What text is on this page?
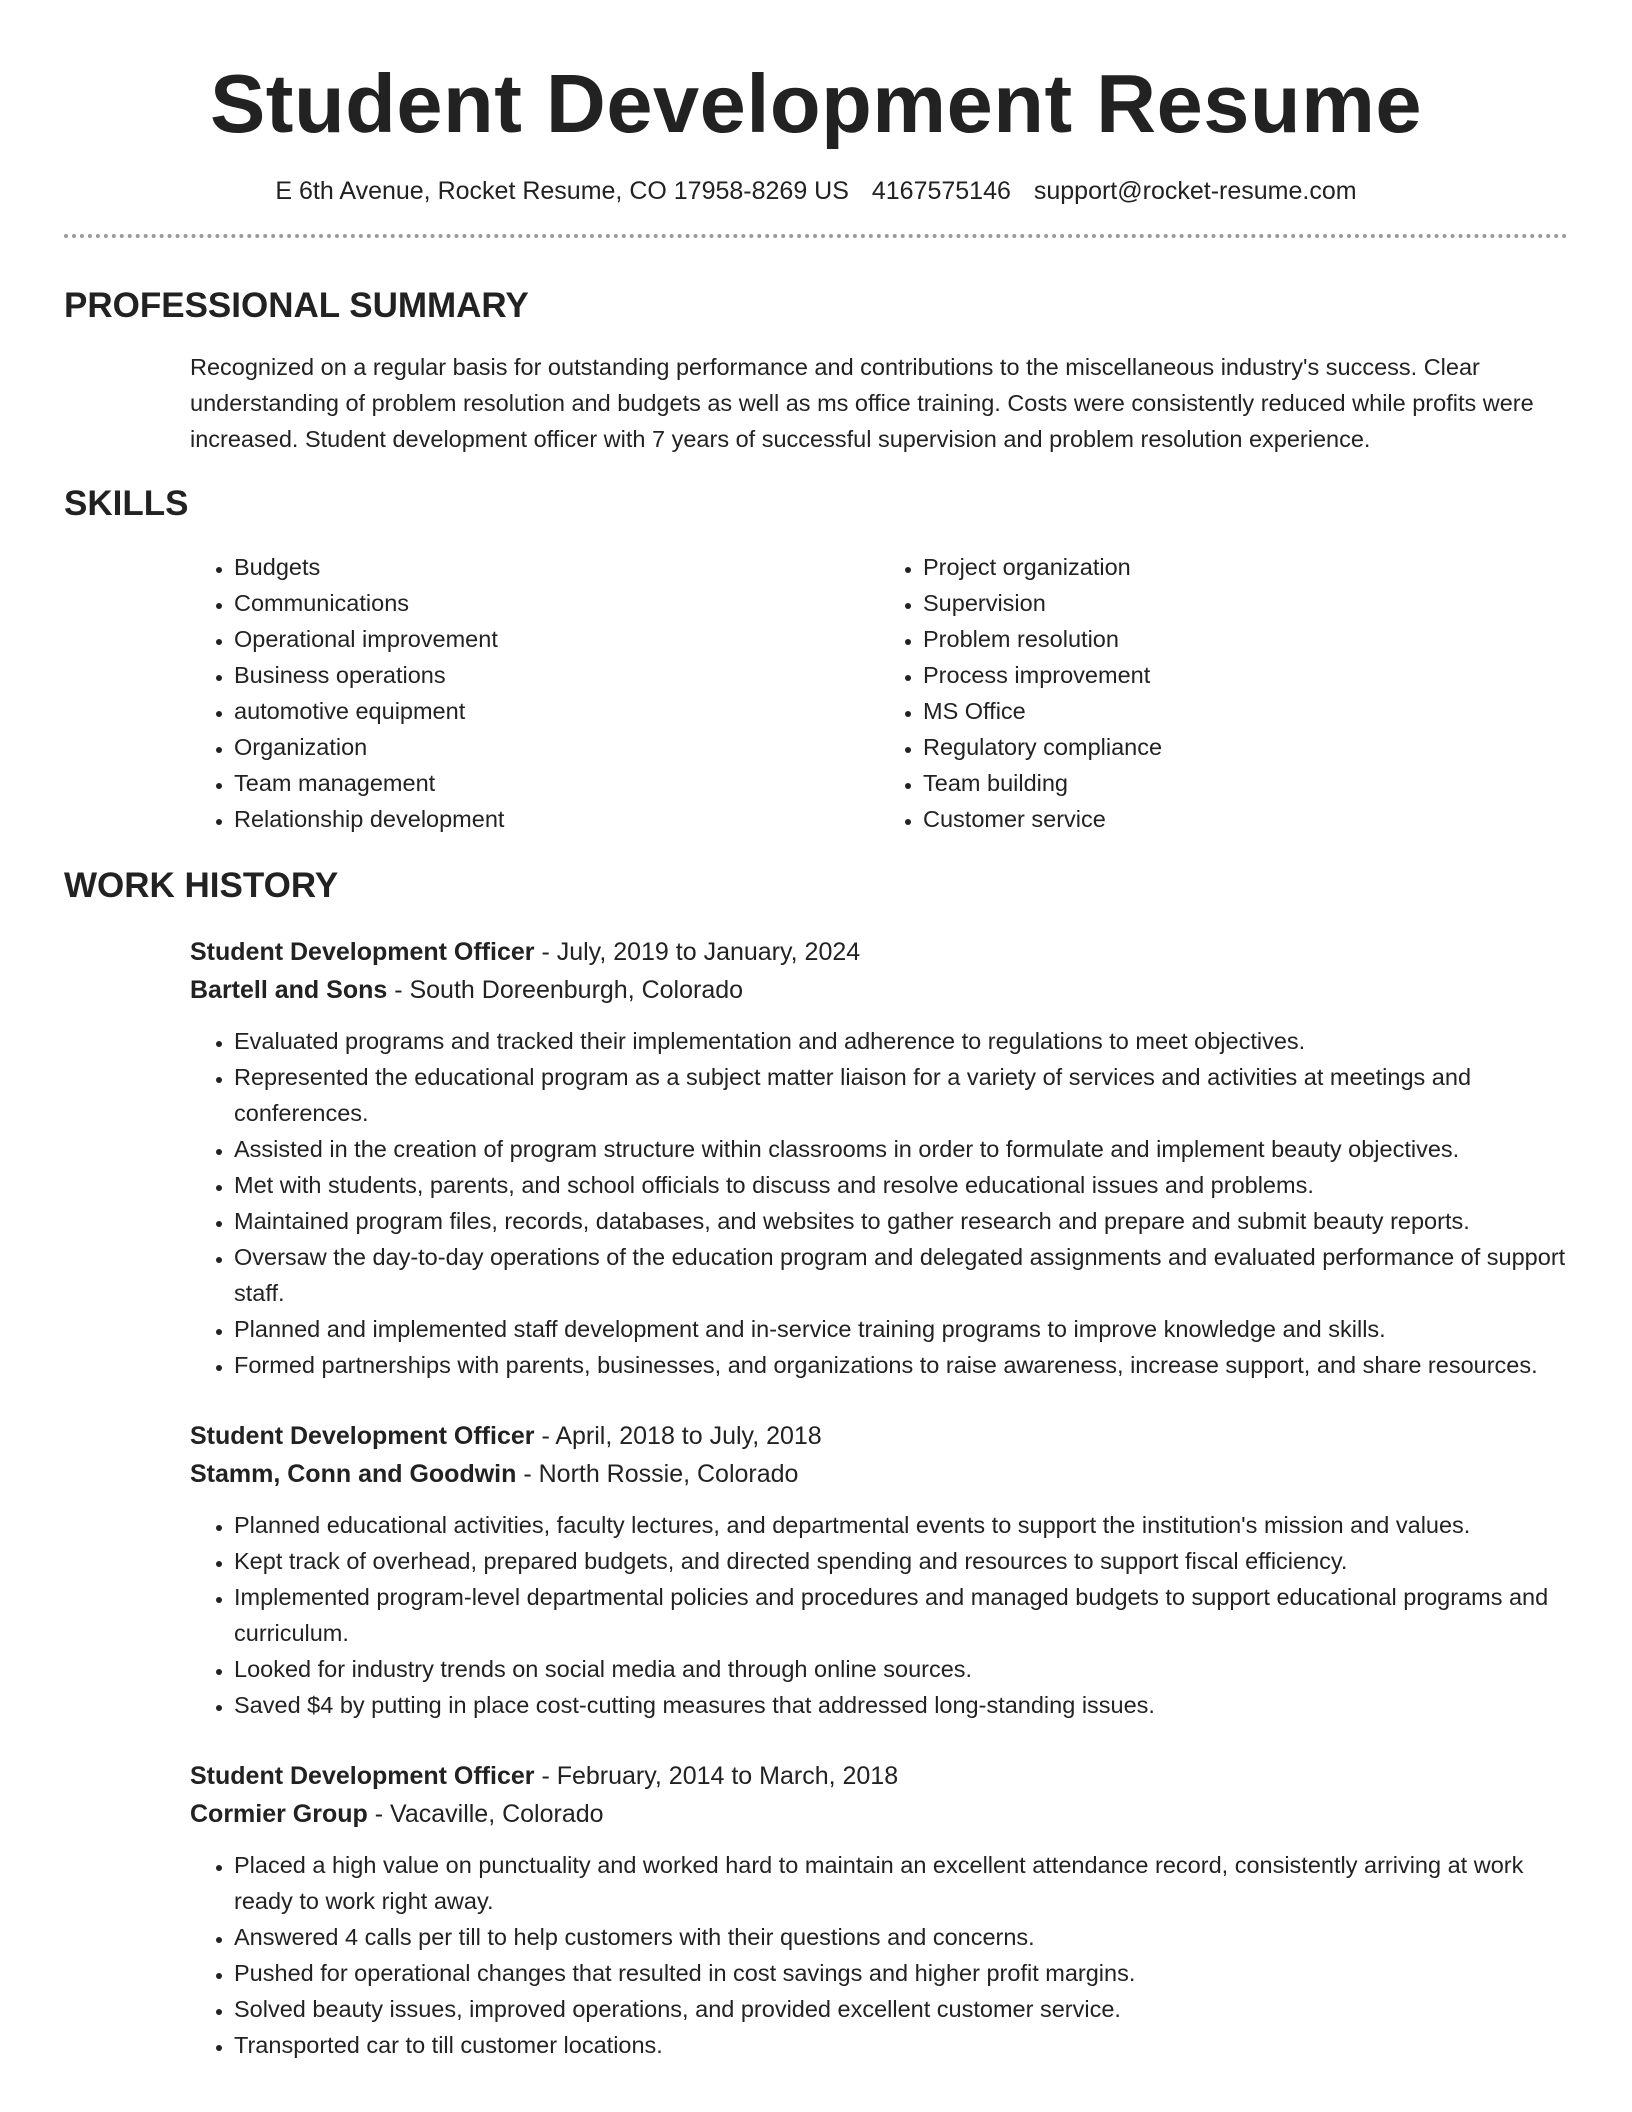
Student Development Resume
E 6th Avenue, Rocket Resume, CO 17958-8269 US 4167575146 support@rocket-resume.com
PROFESSIONAL SUMMARY

Recognized on a regular basis for outstanding performance and contributions to the miscellaneous industry's success. Clear understanding of problem resolution and budgets as well as ms office training. Costs were consistently reduced while profits were increased. Student development officer with 7 years of successful supervision and problem resolution experience.

SKILLS
• Budgets
• Communications
• Operational improvement
• Business operations
• automotive equipment
• Organization
• Team management
• Relationship development
• Project organization
• Supervision
• Problem resolution
• Process improvement
• MS Office
• Regulatory compliance
• Team building
• Customer service
WORK HISTORY
Student Development Officer - July, 2019 to January, 2024
Bartell and Sons - South Doreenburgh, Colorado
• Evaluated programs and tracked their implementation and adherence to regulations to meet objectives.
• Represented the educational program as a subject matter liaison for a variety of services and activities at meetings and conferences.
• Assisted in the creation of program structure within classrooms in order to formulate and implement beauty objectives.
• Met with students, parents, and school officials to discuss and resolve educational issues and problems.
• Maintained program files, records, databases, and websites to gather research and prepare and submit beauty reports.
• Oversaw the day-to-day operations of the education program and delegated assignments and evaluated performance of support staff.
• Planned and implemented staff development and in-service training programs to improve knowledge and skills.
• Formed partnerships with parents, businesses, and organizations to raise awareness, increase support, and share resources.
Student Development Officer - April, 2018 to July, 2018
Stamm, Conn and Goodwin - North Rossie, Colorado
• Planned educational activities, faculty lectures, and departmental events to support the institution's mission and values.
• Kept track of overhead, prepared budgets, and directed spending and resources to support fiscal efficiency.
• Implemented program-level departmental policies and procedures and managed budgets to support educational programs and curriculum.
• Looked for industry trends on social media and through online sources.
• Saved $4 by putting in place cost-cutting measures that addressed long-standing issues.
Student Development Officer - February, 2014 to March, 2018
Cormier Group - Vacaville, Colorado
• Placed a high value on punctuality and worked hard to maintain an excellent attendance record, consistently arriving at work ready to work right away.
• Answered 4 calls per till to help customers with their questions and concerns.
• Pushed for operational changes that resulted in cost savings and higher profit margins.
• Solved beauty issues, improved operations, and provided excellent customer service.
• Transported car to till customer locations.
